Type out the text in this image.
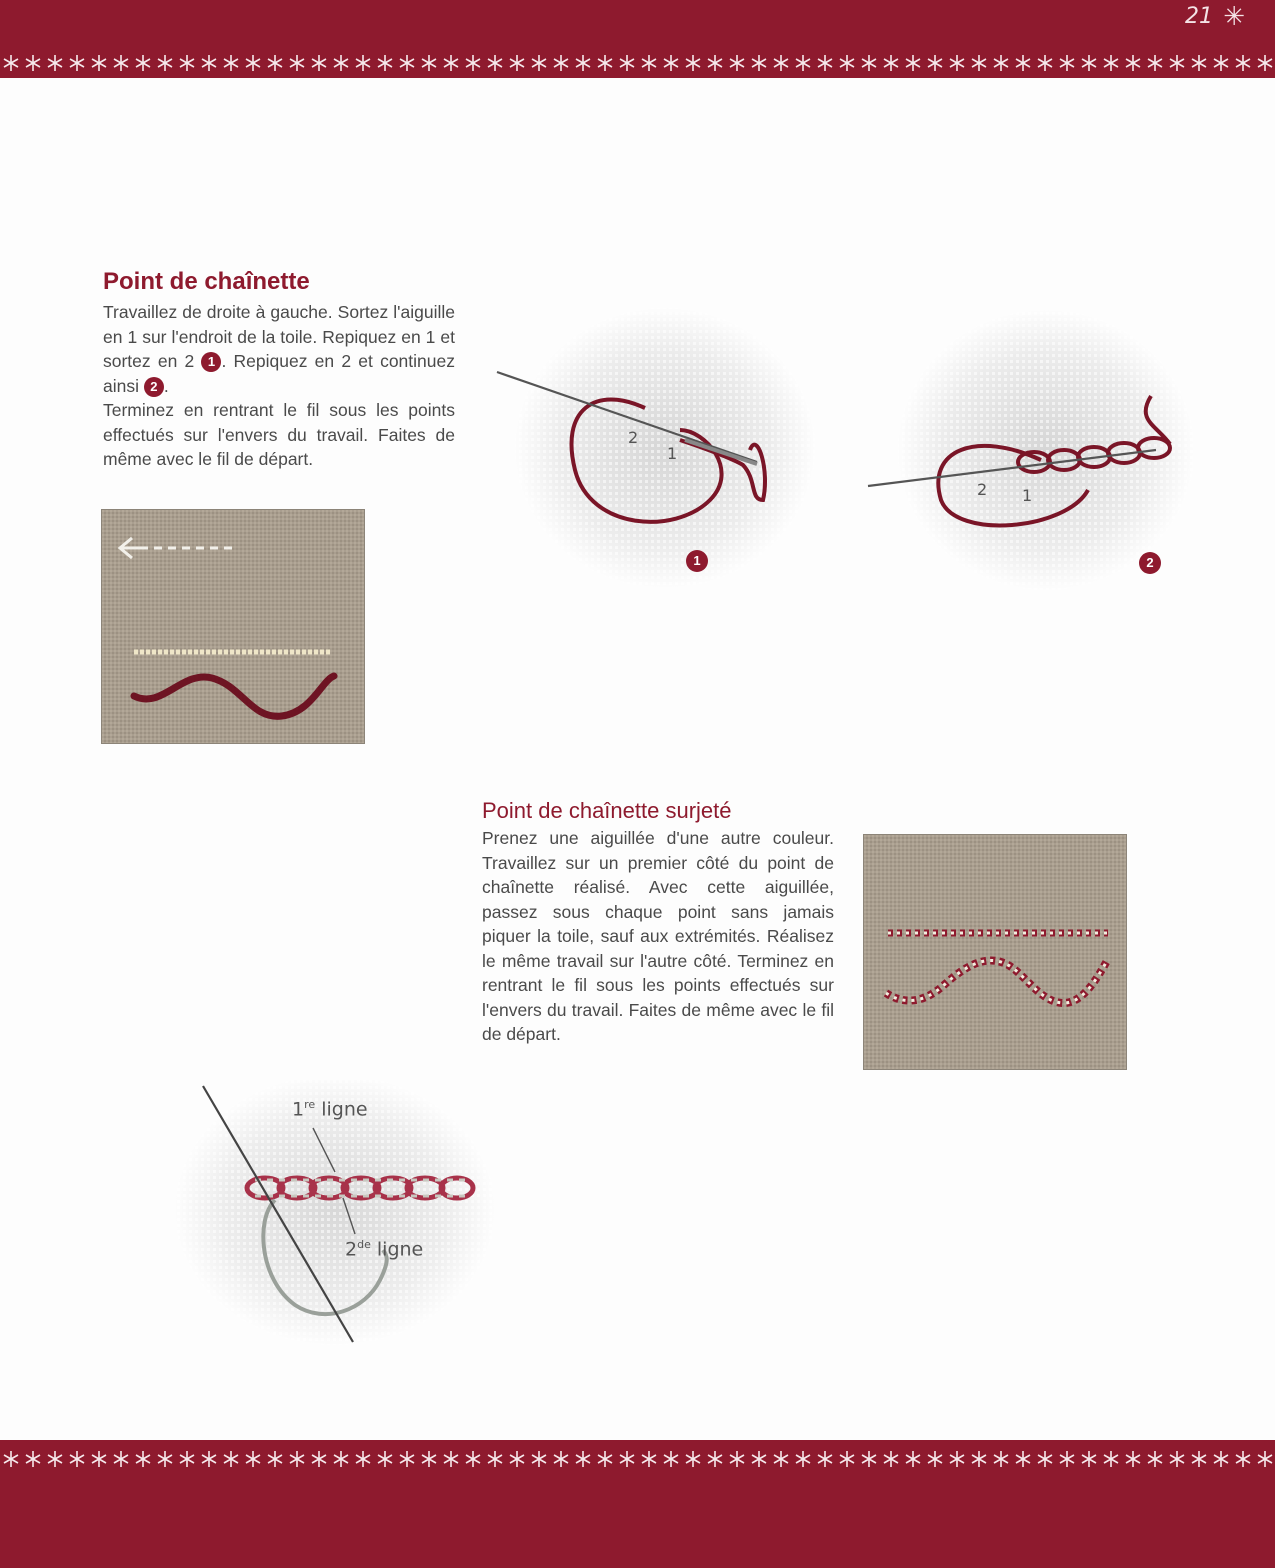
21 ✳
Point de chaînette
Travaillez de droite à gauche. Sortez l'aiguille en 1 sur l'endroit de la toile. Repiquez en 1 et sortez en 2 1 . Repiquez en 2 et continuez ainsi 2 .
Terminez en rentrant le fil sous les points effectués sur l'envers du travail. Faites de même avec le fil de départ.
2
1
1
2 1
2
Point de chaînette surjeté
Prenez une aiguillée d'une autre couleur. Travaillez sur un premier côté du point de chaînette réalisé. Avec cette aiguillée, passez sous chaque point sans jamais piquer la toile, sauf aux extrémités. Réalisez le même travail sur l'autre côté. Terminez en rentrant le fil sous les points effectués sur l'envers du travail. Faites de même avec le fil de départ.
1re ligne
2de ligne
